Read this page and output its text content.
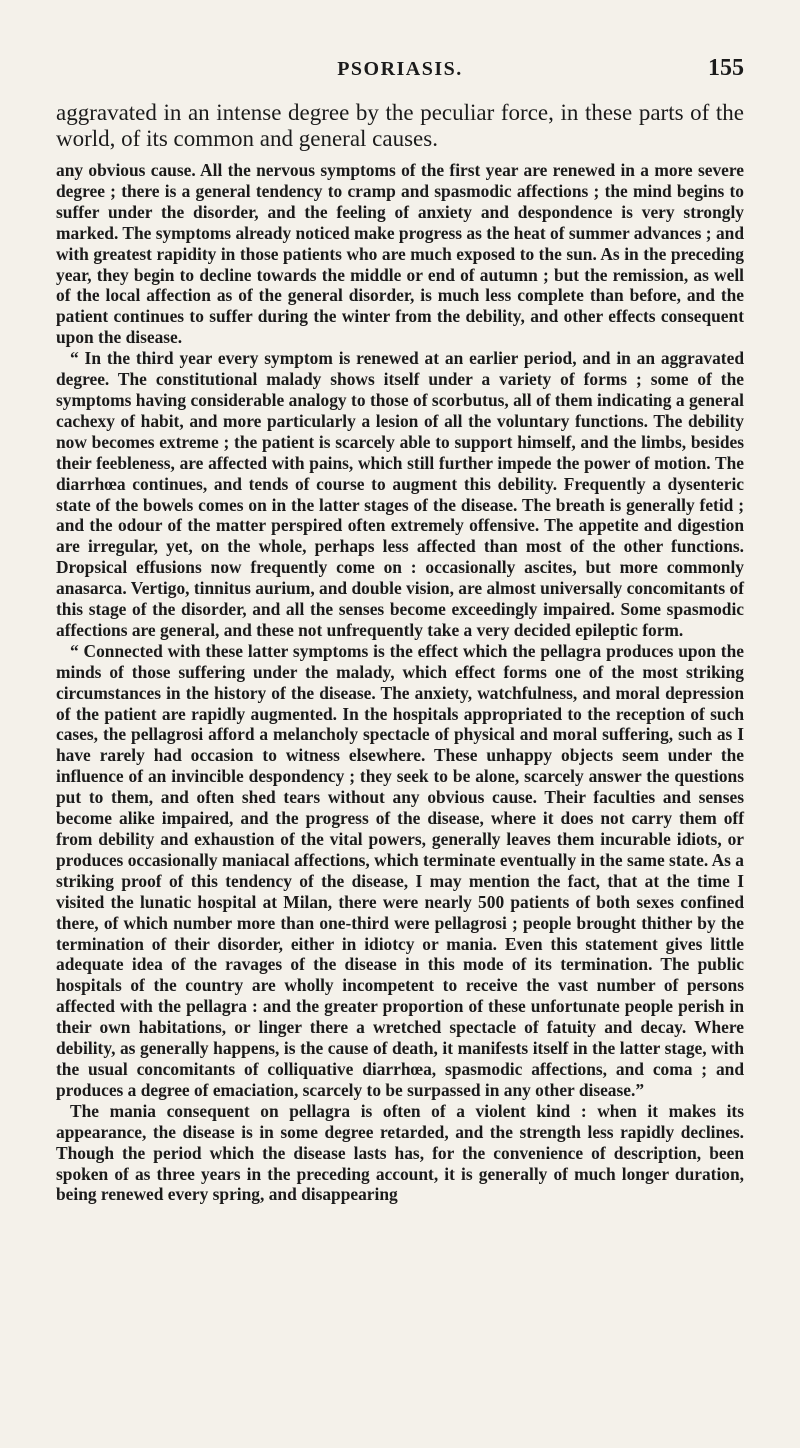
PSORIASIS.	155
aggravated in an intense degree by the peculiar force, in these parts of the world, of its common and general causes.

any obvious cause. All the nervous symptoms of the first year are renewed in a more severe degree ; there is a general tendency to cramp and spasmodic affections ; the mind begins to suffer under the disorder, and the feeling of anxiety and despondence is very strongly marked. The symptoms already noticed make progress as the heat of summer advances ; and with greatest rapidity in those patients who are much exposed to the sun. As in the preceding year, they begin to decline towards the middle or end of autumn ; but the remission, as well of the local affection as of the general disorder, is much less complete than before, and the patient continues to suffer during the winter from the debility, and other effects consequent upon the disease.

“ In the third year every symptom is renewed at an earlier period, and in an aggravated degree. The constitutional malady shows itself under a variety of forms ; some of the symptoms having considerable analogy to those of scorbutus, all of them indicating a general cachexy of habit, and more particularly a lesion of all the voluntary functions. The debility now becomes extreme ; the patient is scarcely able to support himself, and the limbs, besides their feebleness, are affected with pains, which still further impede the power of motion. The diarrhœa continues, and tends of course to augment this debility. Frequently a dysenteric state of the bowels comes on in the latter stages of the disease. The breath is generally fetid ; and the odour of the matter perspired often extremely offensive. The appetite and digestion are irregular, yet, on the whole, perhaps less affected than most of the other functions. Dropsical effusions now frequently come on : occasionally ascites, but more commonly anasarca. Vertigo, tinnitus aurium, and double vision, are almost universally concomitants of this stage of the disorder, and all the senses become exceedingly impaired. Some spasmodic affections are general, and these not unfrequently take a very decided epileptic form.

“ Connected with these latter symptoms is the effect which the pellagra produces upon the minds of those suffering under the malady, which effect forms one of the most striking circumstances in the history of the disease. The anxiety, watchfulness, and moral depression of the patient are rapidly augmented. In the hospitals appropriated to the reception of such cases, the pellagrosi afford a melancholy spectacle of physical and moral suffering, such as I have rarely had occasion to witness elsewhere. These unhappy objects seem under the influence of an invincible despondency ; they seek to be alone, scarcely answer the questions put to them, and often shed tears without any obvious cause. Their faculties and senses become alike impaired, and the progress of the disease, where it does not carry them off from debility and exhaustion of the vital powers, generally leaves them incurable idiots, or produces occasionally maniacal affections, which terminate eventually in the same state. As a striking proof of this tendency of the disease, I may mention the fact, that at the time I visited the lunatic hospital at Milan, there were nearly 500 patients of both sexes confined there, of which number more than one-third were pellagrosi ; people brought thither by the termination of their disorder, either in idiotcy or mania. Even this statement gives little adequate idea of the ravages of the disease in this mode of its termination. The public hospitals of the country are wholly incompetent to receive the vast number of persons affected with the pellagra : and the greater proportion of these unfortunate people perish in their own habitations, or linger there a wretched spectacle of fatuity and decay. Where debility, as generally happens, is the cause of death, it manifests itself in the latter stage, with the usual concomitants of colliquative diarrhœa, spasmodic affections, and coma ; and produces a degree of emaciation, scarcely to be surpassed in any other disease.”

The mania consequent on pellagra is often of a violent kind : when it makes its appearance, the disease is in some degree retarded, and the strength less rapidly declines. Though the period which the disease lasts has, for the convenience of description, been spoken of as three years in the preceding account, it is generally of much longer duration, being renewed every spring, and disappearing
